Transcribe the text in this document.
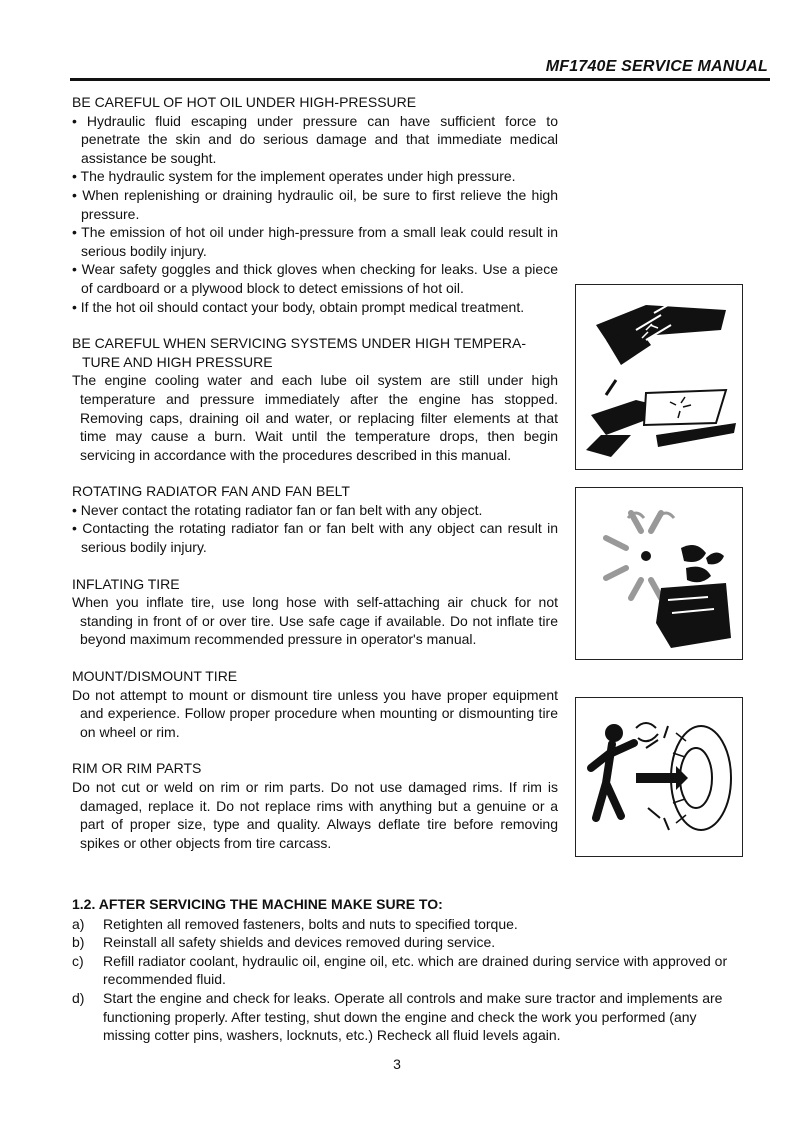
MF1740E SERVICE MANUAL

BE CAREFUL OF HOT OIL UNDER HIGH-PRESSURE

• Hydraulic fluid escaping under pressure can have sufficient force to penetrate the skin and do serious damage and that immediate medical assistance be sought.

• The hydraulic system for the implement operates under high pressure.

• When replenishing or draining hydraulic oil, be sure to first relieve the high pressure.

• The emission of hot oil under high-pressure from a small leak could result in serious bodily injury.

• Wear safety goggles and thick gloves when checking for leaks. Use a piece of cardboard or a plywood block to detect emissions of hot oil.

• If the hot oil should contact your body, obtain prompt medical treatment.

BE CAREFUL WHEN SERVICING SYSTEMS UNDER HIGH TEMPERA-
TURE AND HIGH PRESSURE

The engine cooling water and each lube oil system are still under high temperature and pressure immediately after the engine has stopped. Removing caps, draining oil and water, or replacing filter elements at that time may cause a burn. Wait until the temperature drops, then begin servicing in accordance with the procedures described in this manual.

ROTATING RADIATOR FAN AND FAN BELT

• Never contact the rotating radiator fan or fan belt with any object.

• Contacting the rotating radiator fan or fan belt with any object can result in serious bodily injury.

INFLATING TIRE

When you inflate tire, use long hose with self-attaching air chuck for not standing in front of or over tire. Use safe cage if available. Do not inflate tire beyond maximum recommended pressure in operator's manual.

MOUNT/DISMOUNT TIRE

Do not attempt to mount or dismount tire unless you have proper equipment and experience. Follow proper procedure when mounting or dismounting tire on wheel or rim.

RIM OR RIM PARTS

Do not cut or weld on rim or rim parts. Do not use damaged rims. If rim is damaged, replace it. Do not replace rims with anything but a genuine or a part of proper size, type and quality. Always deflate tire before removing spikes or other objects from tire carcass.

1.2. AFTER SERVICING THE MACHINE MAKE SURE TO:

a) Retighten all removed fasteners, bolts and nuts to specified torque.

b) Reinstall all safety shields and devices removed during service.

c) Refill radiator coolant, hydraulic oil, engine oil, etc. which are drained during service with approved or recommended fluid.

d) Start the engine and check for leaks. Operate all controls and make sure tractor and implements are functioning properly. After testing, shut down the engine and check the work you performed (any missing cotter pins, washers, locknuts, etc.) Recheck all fluid levels again.

3
